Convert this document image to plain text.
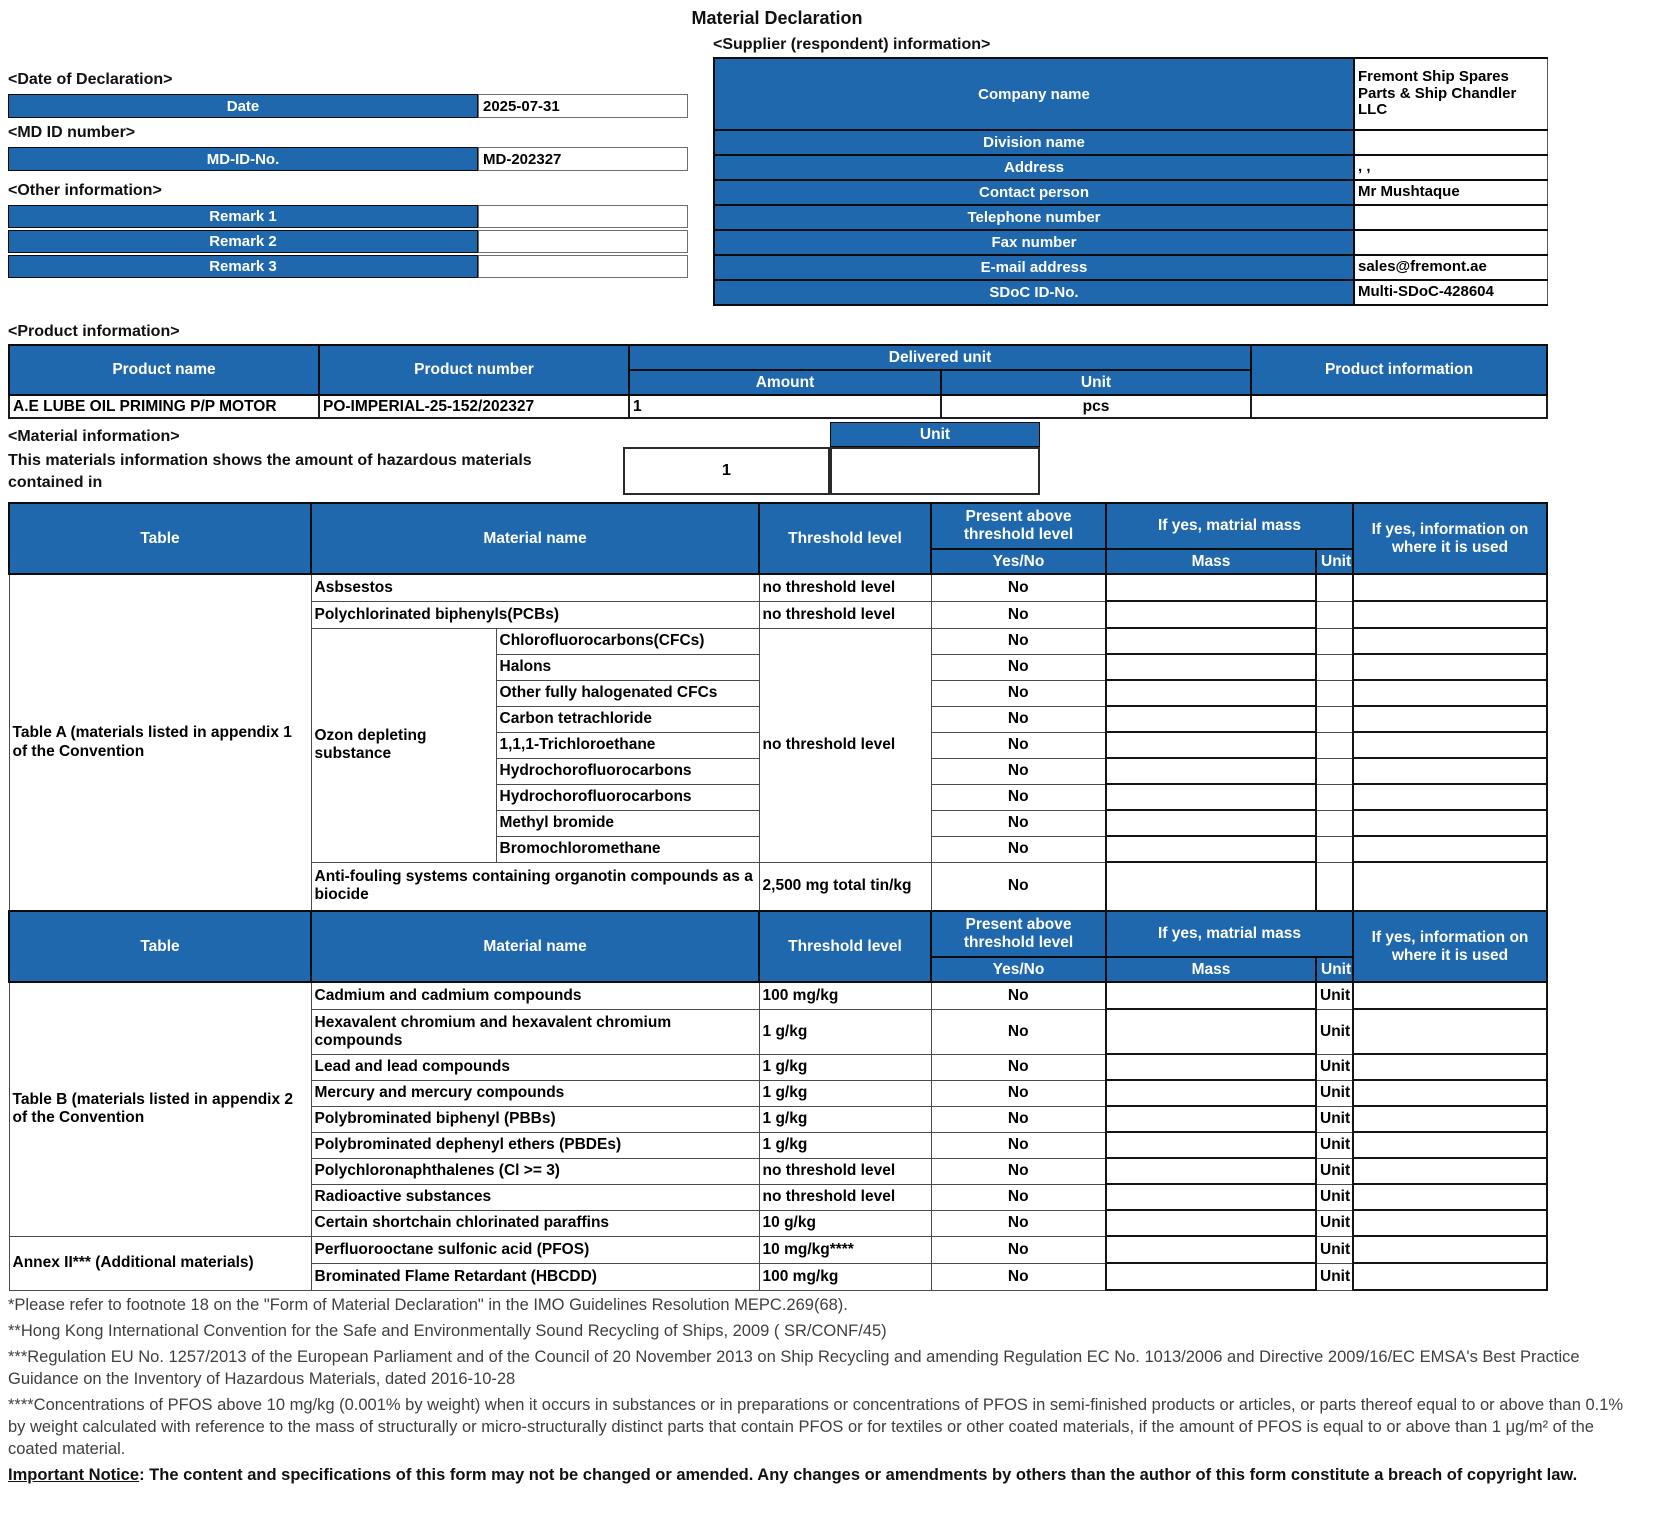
Material Declaration
<Date of Declaration>
Date	2025-07-31
<MD ID number>
MD-ID-No.	MD-202327
<Other information>
Remark 1
Remark 2
Remark 3
<Supplier (respondent) information>
Company name	Fremont Ship Spares Parts & Ship Chandler LLC
Division name	
Address	, ,
Contact person	Mr Mushtaque
Telephone number	
Fax number	
E-mail address	sales@fremont.ae
SDoC ID-No.	Multi-SDoC-428604
<Product information>
Product name	Product number	Delivered unit		Product information
		Amount	Unit	
A.E LUBE OIL PRIMING P/P MOTOR	PO-IMPERIAL-25-152/202327	1	pcs	
<Material information>
This materials information shows the amount of hazardous materials contained in
1
Unit
Table	Material name		Threshold level	Present above threshold level	If yes, matrial mass		If yes, information on where it is used
				Yes/No	Mass	Unit	
Table A (materials listed in appendix 1 of the Convention	Asbsestos		no threshold level	No			
	Polychlorinated biphenyls(PCBs)		no threshold level	No			
	Ozon depleting substance	Chlorofluorocarbons(CFCs)	no threshold level	No			
		Halons		No			
		Other fully halogenated CFCs		No			
		Carbon tetrachloride		No			
		1,1,1-Trichloroethane		No			
		Hydrochorofluorocarbons		No			
		Hydrochorofluorocarbons		No			
		Methyl bromide		No			
		Bromochloromethane		No			
	Anti-fouling systems containing organotin compounds as a biocide		2,500 mg total tin/kg	No			
Table	Material name		Threshold level	Present above threshold level	If yes, matrial mass		If yes, information on where it is used
				Yes/No	Mass	Unit	
Table B (materials listed in appendix 2 of the Convention	Cadmium and cadmium compounds		100 mg/kg	No		Unit	
	Hexavalent chromium and hexavalent chromium compounds		1 g/kg	No		Unit	
	Lead and lead compounds		1 g/kg	No		Unit	
	Mercury and mercury compounds		1 g/kg	No		Unit	
	Polybrominated biphenyl (PBBs)		1 g/kg	No		Unit	
	Polybrominated dephenyl ethers (PBDEs)		1 g/kg	No		Unit	
	Polychloronaphthalenes (Cl >= 3)		no threshold level	No		Unit	
	Radioactive substances		no threshold level	No		Unit	
	Certain shortchain chlorinated paraffins		10 g/kg	No		Unit	
Annex II*** (Additional materials)	Perfluorooctane sulfonic acid (PFOS)		10 mg/kg****	No		Unit	
	Brominated Flame Retardant (HBCDD)		100 mg/kg	No		Unit	

*Please refer to footnote 18 on the "Form of Material Declaration" in the IMO Guidelines Resolution MEPC.269(68).

**Hong Kong International Convention for the Safe and Environmentally Sound Recycling of Ships, 2009 ( SR/CONF/45)

***Regulation EU No. 1257/2013 of the European Parliament and of the Council of 20 November 2013 on Ship Recycling and amending Regulation EC No. 1013/2006 and Directive 2009/16/EC EMSA's Best Practice Guidance on the Inventory of Hazardous Materials, dated 2016-10-28

****Concentrations of PFOS above 10 mg/kg (0.001% by weight) when it occurs in substances or in preparations or concentrations of PFOS in semi-finished products or articles, or parts thereof equal to or above than 0.1% by weight calculated with reference to the mass of structurally or micro-structurally distinct parts that contain PFOS or for textiles or other coated materials, if the amount of PFOS is equal to or above than 1 μg/m² of the coated material.

Important Notice: The content and specifications of this form may not be changed or amended. Any changes or amendments by others than the author of this form constitute a breach of copyright law.
